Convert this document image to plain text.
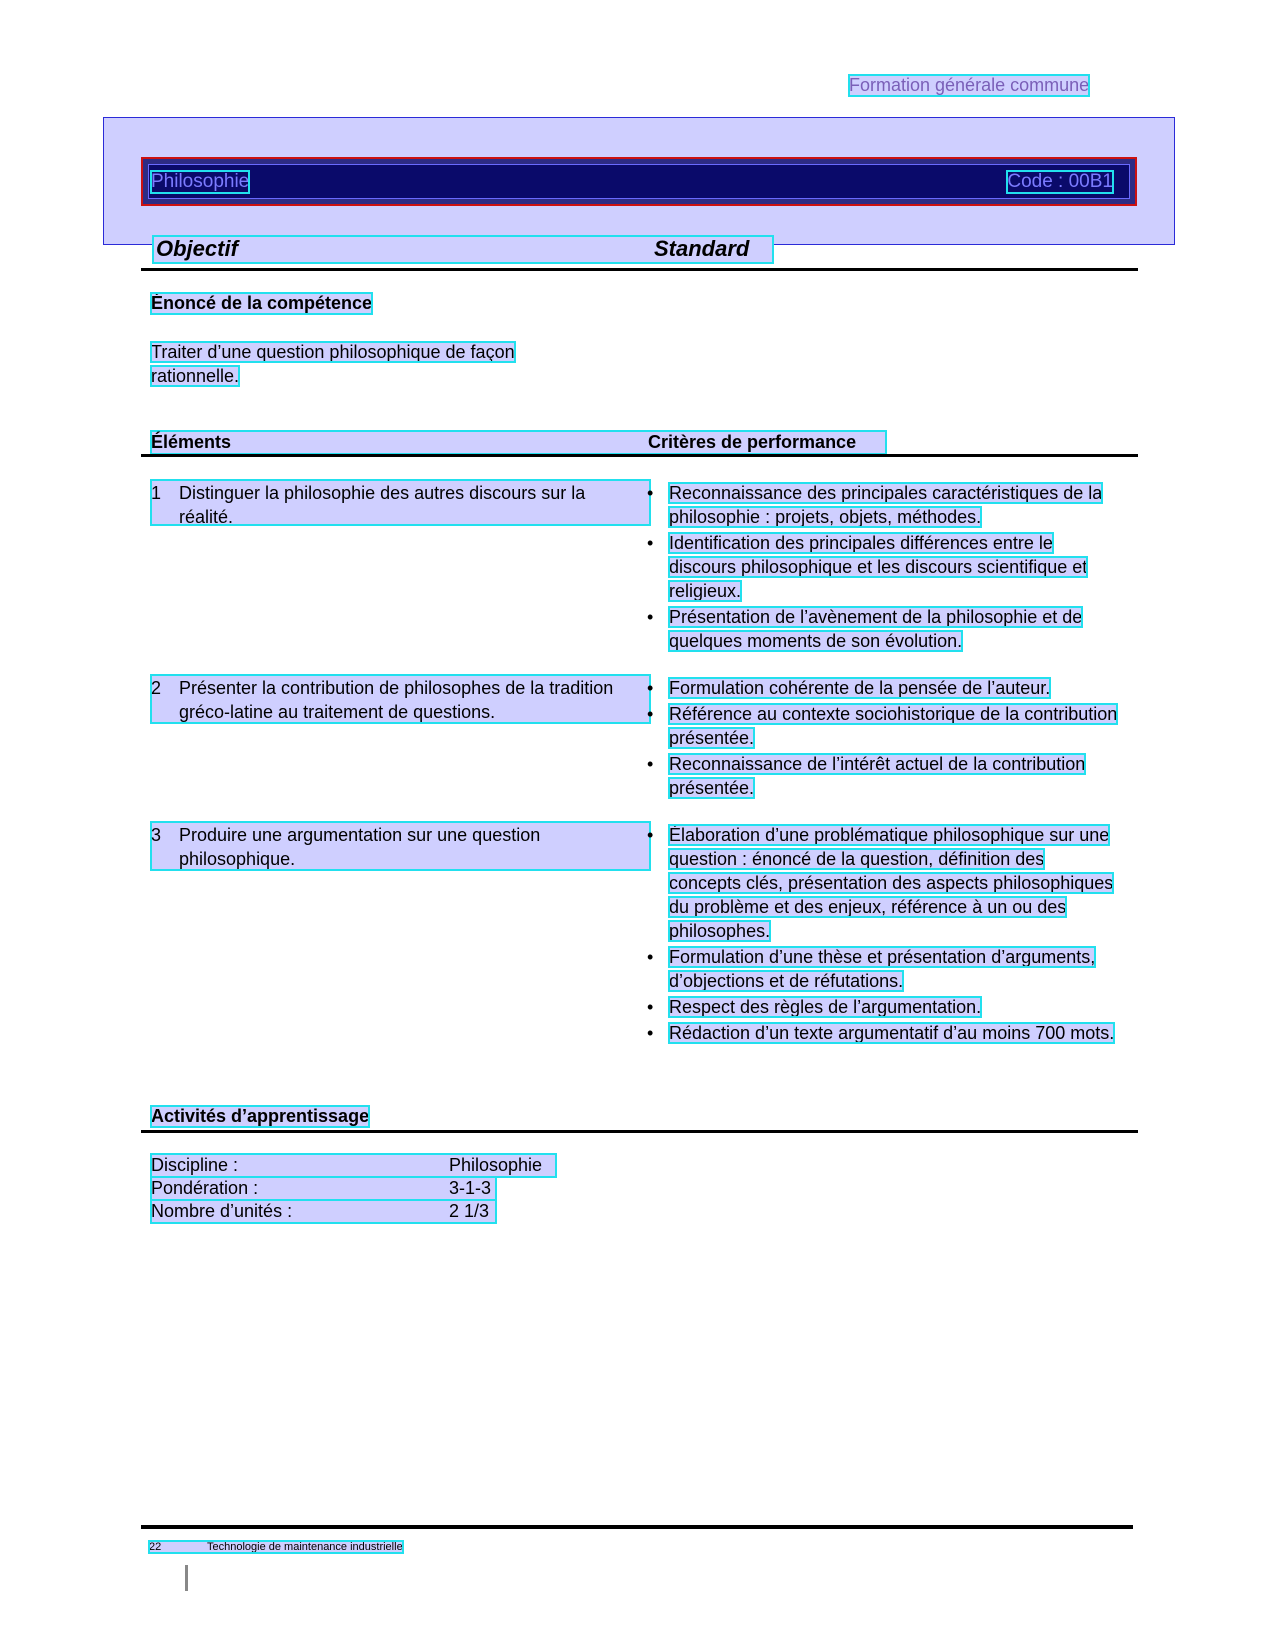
Formation générale commune
Philosophie	Code : 00B1
Objectif	Standard
Énoncé de la compétence
Traiter d’une question philosophique de façon
rationnelle.
Éléments	Critères de performance
1 Distinguer la philosophie des autres discours sur la réalité.
• Reconnaissance des principales caractéristiques de la philosophie : projets, objets, méthodes.
• Identification des principales différences entre le discours philosophique et les discours scientifique et religieux.
• Présentation de l’avènement de la philosophie et de quelques moments de son évolution.
2 Présenter la contribution de philosophes de la tradition gréco-latine au traitement de questions.
• Formulation cohérente de la pensée de l’auteur.
• Référence au contexte sociohistorique de la contribution présentée.
• Reconnaissance de l’intérêt actuel de la contribution présentée.
3 Produire une argumentation sur une question philosophique.
• Élaboration d’une problématique philosophique sur une question : énoncé de la question, définition des concepts clés, présentation des aspects philosophiques du problème et des enjeux, référence à un ou des philosophes.
• Formulation d’une thèse et présentation d’arguments, d’objections et de réfutations.
• Respect des règles de l’argumentation.
• Rédaction d’un texte argumentatif d’au moins 700 mots.
Activités d’apprentissage
Discipline :	Philosophie
Pondération :	3-1-3
Nombre d’unités :	2 1/3
22	Technologie de maintenance industrielle
